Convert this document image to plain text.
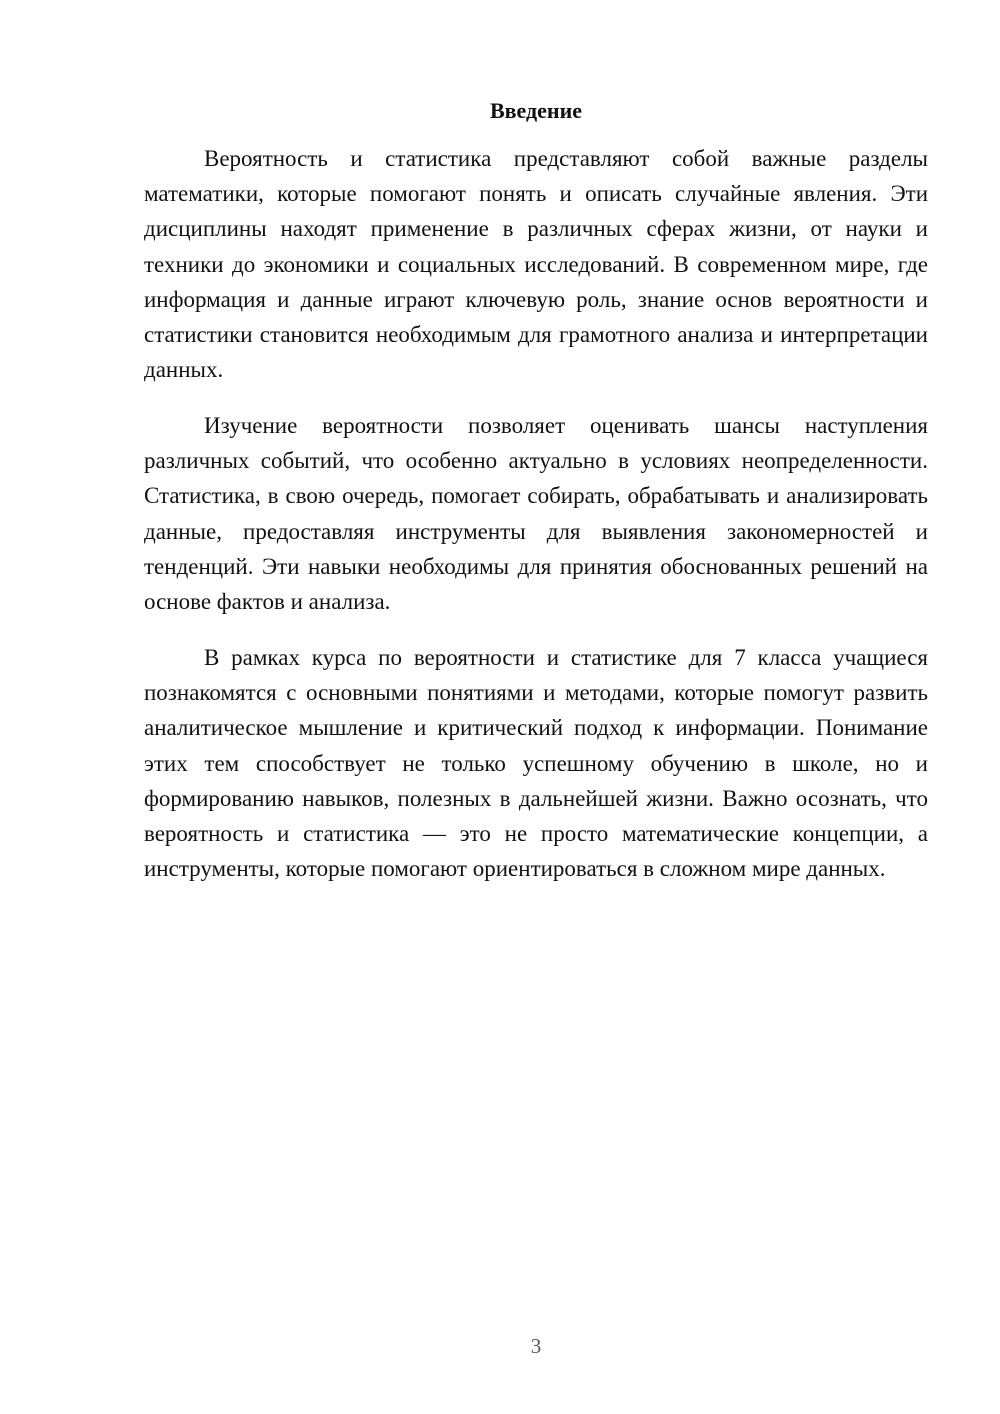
Введение

Вероятность и статистика представляют собой важные разделы математики, которые помогают понять и описать случайные явления. Эти дисциплины находят применение в различных сферах жизни, от науки и техники до экономики и социальных исследований. В современном мире, где информация и данные играют ключевую роль, знание основ вероятности и статистики становится необходимым для грамотного анализа и интерпретации данных.

Изучение вероятности позволяет оценивать шансы наступления различных событий, что особенно актуально в условиях неопределенности. Статистика, в свою очередь, помогает собирать, обрабатывать и анализировать данные, предоставляя инструменты для выявления закономерностей и тенденций. Эти навыки необходимы для принятия обоснованных решений на основе фактов и анализа.

В рамках курса по вероятности и статистике для 7 класса учащиеся познакомятся с основными понятиями и методами, которые помогут развить аналитическое мышление и критический подход к информации. Понимание этих тем способствует не только успешному обучению в школе, но и формированию навыков, полезных в дальнейшей жизни. Важно осознать, что вероятность и статистика — это не просто математические концепции, а инструменты, которые помогают ориентироваться в сложном мире данных.

3
